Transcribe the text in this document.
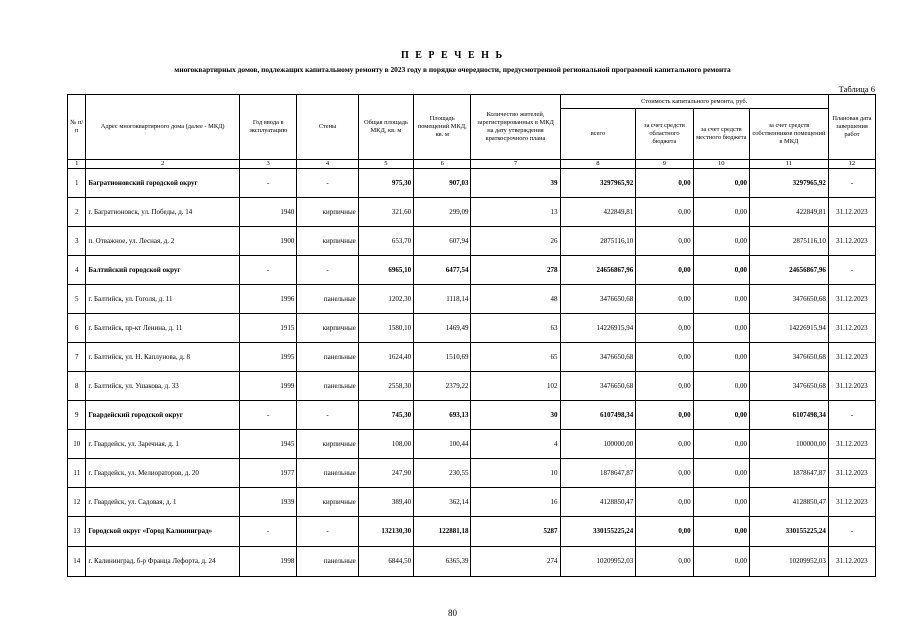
П Е Р Е Ч Е Н Ь
многоквартирных домов, подлежащих капитальному ремонту в 2023 году в порядке очередности, предусмотренной региональной программой капитального ремонта
Таблица 6
№ п/п	Адрес многоквартирного дома (далее - МКД)	Год ввода в эксплуатацию	Стены	Общая площадь МКД, кв. м	Площадь помещений МКД, кв. м	Количество жителей, зарегистрированных в МКД на дату утверждения краткосрочного плана	Стоимость капитального ремонта, руб.				Плановая дата завершения работ
							всего	за счет средств областного бюджета	за счет средств местного бюджета	за счет средств собственников помещений в МКД	
1	2	3	4	5	6	7	8	9	10	11	12
1	Багратионовский городской округ	-	-	975,30	907,03	39	3297965,92	0,00	0,00	3297965,92	-
2	г. Багратионовск, ул. Победы, д. 14	1940	кирпичные	321,60	299,09	13	422849,81	0,00	0,00	422849,81	31.12.2023
3	п. Отважное, ул. Лесная, д. 2	1900	кирпичные	653,70	607,94	26	2875116,10	0,00	0,00	2875116,10	31.12.2023
4	Балтийский городской округ	-	-	6965,10	6477,54	278	24656867,96	0,00	0,00	24656867,96	-
5	г. Балтийск, ул. Гоголя, д. 11	1996	панельные	1202,30	1118,14	48	3476650,68	0,00	0,00	3476650,68	31.12.2023
6	г. Балтийск, пр-кт Ленина, д. 11	1915	кирпичные	1580,10	1469,49	63	14226915,94	0,00	0,00	14226915,94	31.12.2023
7	г. Балтийск, ул. Н. Каплунова, д. 8	1995	панельные	1624,40	1510,69	65	3476650,68	0,00	0,00	3476650,68	31.12.2023
8	г. Балтийск, ул. Ушакова, д. 33	1999	панельные	2558,30	2379,22	102	3476650,68	0,00	0,00	3476650,68	31.12.2023
9	Гвардейский городской округ	-	-	745,30	693,13	30	6107498,34	0,00	0,00	6107498,34	-
10	г. Гвардейск, ул. Заречная, д. 1	1945	кирпичные	108,00	100,44	4	100000,00	0,00	0,00	100000,00	31.12.2023
11	г. Гвардейск, ул. Мелиораторов, д. 20	1977	панельные	247,90	230,55	10	1878647,87	0,00	0,00	1878647,87	31.12.2023
12	г. Гвардейск, ул. Садовая, д. 1	1939	кирпичные	389,40	362,14	16	4128850,47	0,00	0,00	4128850,47	31.12.2023
13	Городской округ «Город Калининград»	-	-	132130,30	122881,18	5287	330155225,24	0,00	0,00	330155225,24	-
14	г. Калининград, б-р Франца Лефорта, д. 24	1998	панельные	6844,50	6365,39	274	10209952,03	0,00	0,00	10209952,03	31.12.2023
80
